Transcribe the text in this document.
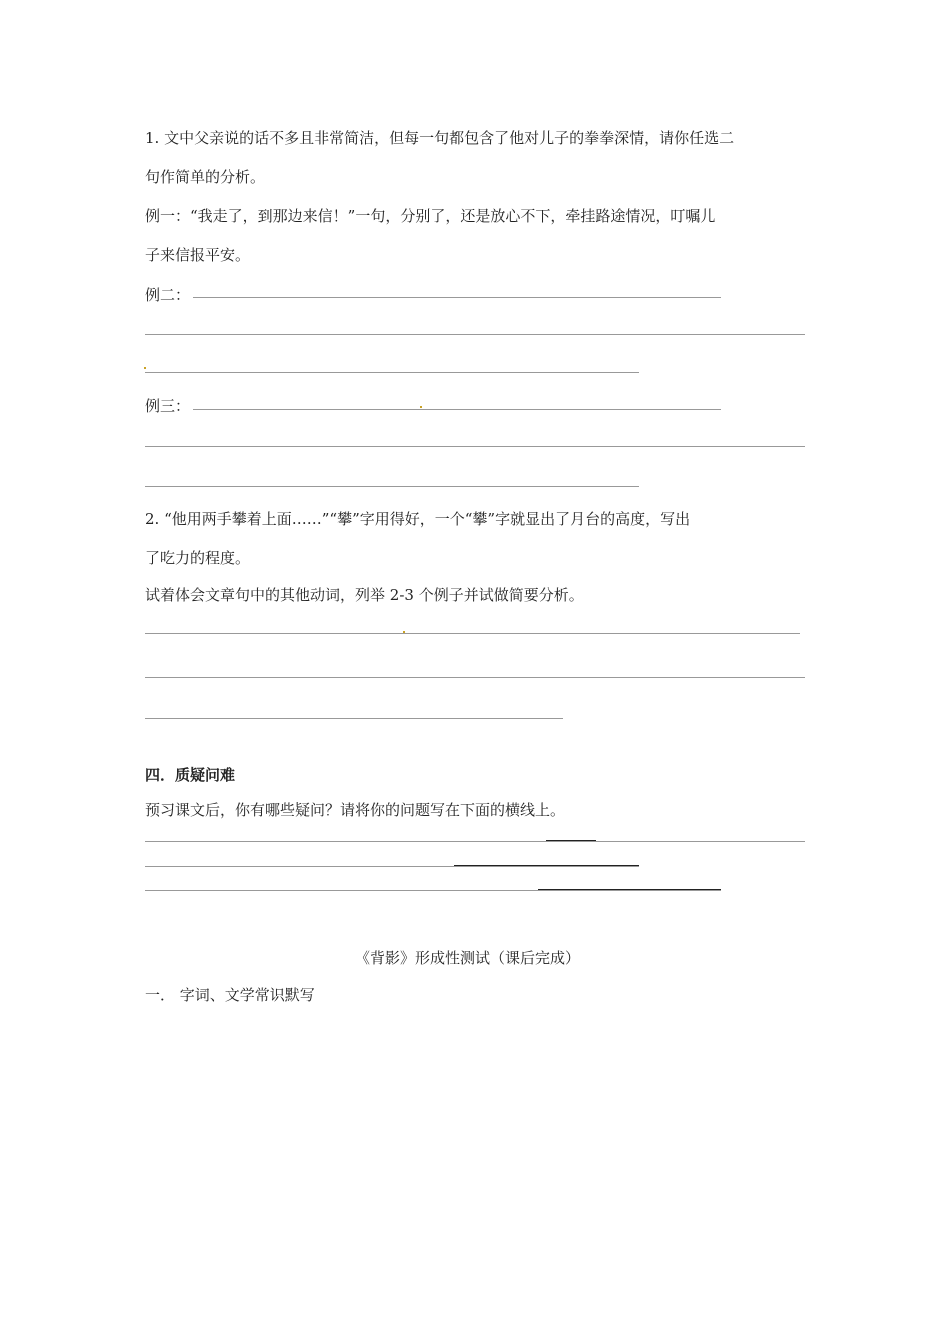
1. 文中父亲说的话不多且非常简洁，但每一句都包含了他对儿子的拳拳深情，请你任选二
句作简单的分析。
例一：“我走了，到那边来信！”一句，分别了，还是放心不下，牵挂路途情况，叮嘱儿
子来信报平安。
例二：
例三：
2. “他用两手攀着上面……”“攀”字用得好，一个“攀”字就显出了月台的高度，写出
了吃力的程度。
试着体会文章句中的其他动词，列举 2-3 个例子并试做简要分析。
四．质疑问难
预习课文后，你有哪些疑问？请将你的问题写在下面的横线上。
《背影》形成性测试（课后完成）
一． 字词、文学常识默写
